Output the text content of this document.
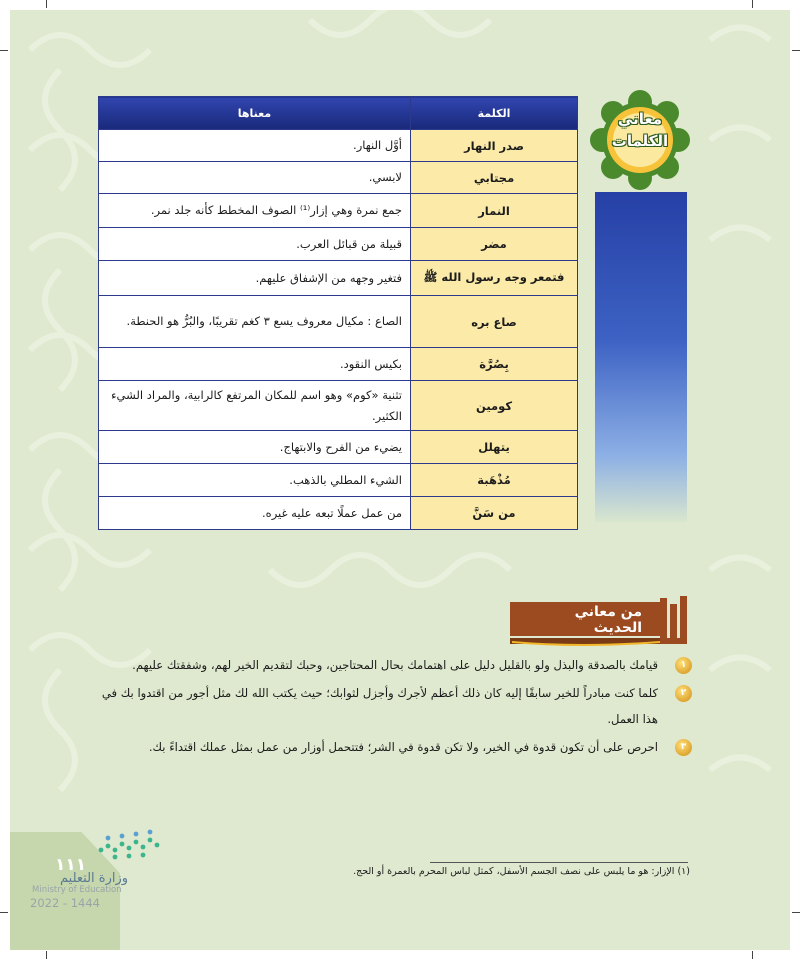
الكلمة	معناها
صدر النهار	أوَّل النهار.
مجتابي	لابسي.
النمار	جمع نمرة وهي إزار⁽¹⁾ الصوف المخطط كأنه جلد نمر.
مضر	قبيلة من قبائل العرب.
فتمعر وجه رسول الله ﷺ	فتغير وجهه من الإشفاق عليهم.
صاع بره	الصاع : مكيال معروف يسع ٣ كغم تقريبًا، والبُرُّ هو الحنطة.
بِصُرَّة	بكيس النقود.
كومين	تثنية «كوم» وهو اسم للمكان المرتفع كالرابية، والمراد الشيء الكثير.
يتهلل	يضيء من الفرح والابتهاج.
مُذْهَبة	الشيء المطلي بالذهب.
من سَنَّ	من عمل عملًا تبعه عليه غيره.
معاني
الكلمات
من معاني الحديث
١
قيامك بالصدقة والبذل ولو بالقليل دليل على اهتمامك بحال المحتاجين، وحبك لتقديم الخير لهم، وشفقتك عليهم.
٢
كلما كنت مبادراً للخير سابقًا إليه كان ذلك أعظم لأجرك وأجزل لثوابك؛ حيث يكتب الله لك مثل أجور من اقتدوا بك في هذا العمل.
٣
احرص على أن تكون قدوة في الخير، ولا تكن قدوة في الشر؛ فتتحمل أوزار من عمل بمثل عملك اقتداءً بك.
(١) الإزار: هو ما يلبس على نصف الجسم الأسفل، كمثل لباس المحرم بالعمرة أو الحج.
١١١
وزارة التعليم
Ministry of Education
2022 - 1444
